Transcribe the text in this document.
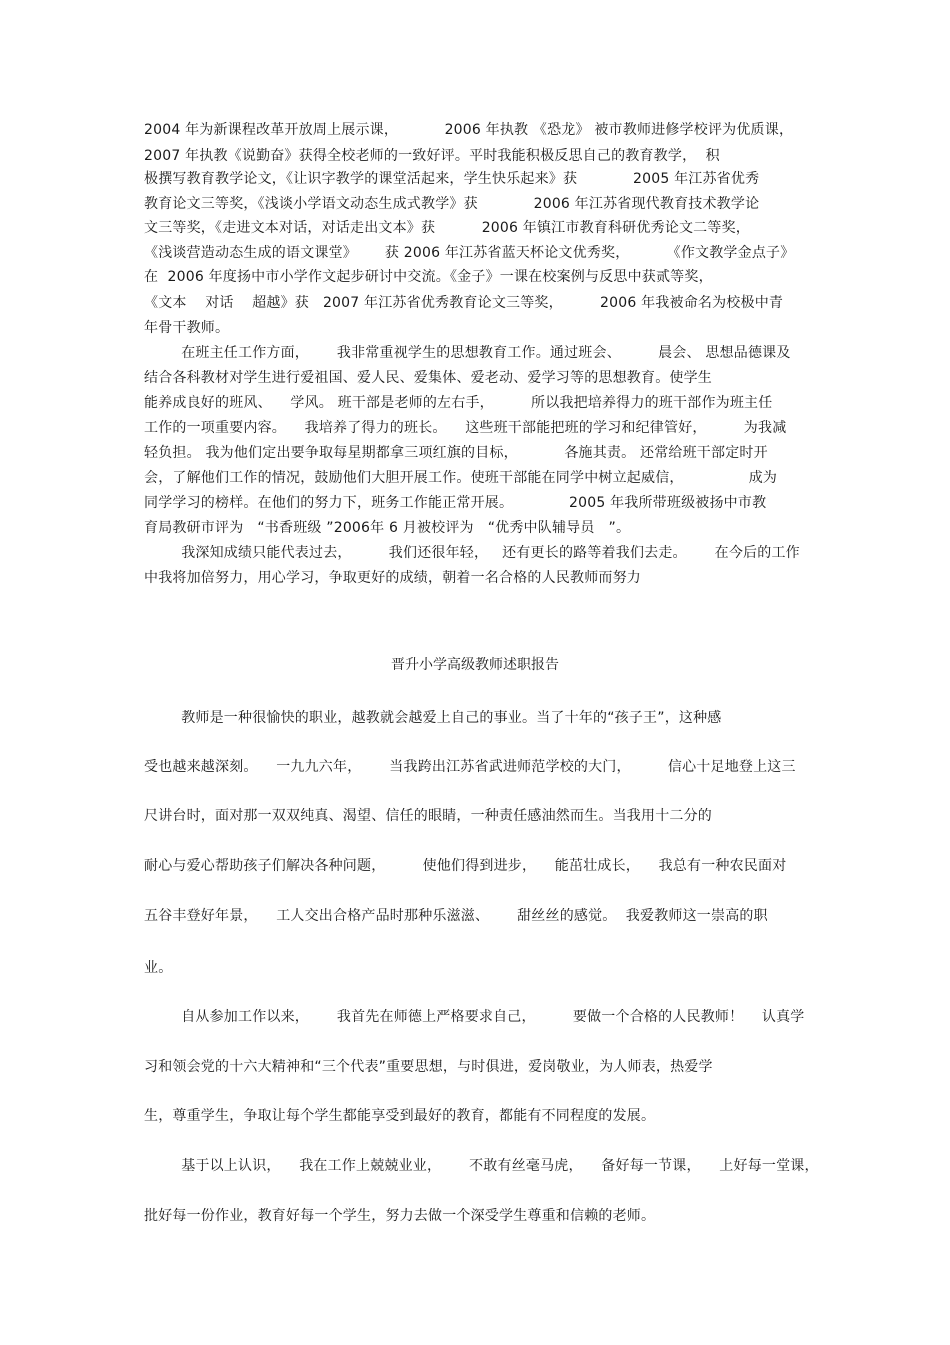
2004 年为新课程改革开放周上展示课，          2006 年执教 《恐龙》 被市教师进修学校评为优质课，
2007 年执教《说勤奋》获得全校老师的一致好评。平时我能积极反思自己的教育教学，  积
极撰写教育教学论文，《让识字教学的课堂活起来，学生快乐起来》获            2005 年江苏省优秀
教育论文三等奖，《浅谈小学语文动态生成式教学》获            2006 年江苏省现代教育技术教学论
文三等奖，《走进文本对话，对话走出文本》获          2006 年镇江市教育科研优秀论文二等奖，
《浅谈营造动态生成的语文课堂》      获 2006 年江苏省蓝天杯论文优秀奖，        《作文教学金点子》
在  2006 年度扬中市小学作文起步研讨中交流。《金子》一课在校案例与反思中获贰等奖，
《文本    对话    超越》获   2007 年江苏省优秀教育论文三等奖，        2006 年我被命名为校极中青
年骨干教师。
在班主任工作方面，      我非常重视学生的思想教育工作。通过班会、        晨会、 思想品德课及
结合各科教材对学生进行爱祖国、爱人民、爱集体、爱老动、爱学习等的思想教育。使学生
能养成良好的班风、    学风。 班干部是老师的左右手，        所以我把培养得力的班干部作为班主任
工作的一项重要内容。    我培养了得力的班长。    这些班干部能把班的学习和纪律管好，        为我减
轻负担。 我为他们定出要争取每星期都拿三项红旗的目标，          各施其责。 还常给班干部定时开
会，了解他们工作的情况，鼓励他们大胆开展工作。使班干部能在同学中树立起威信，              成为
同学学习的榜样。在他们的努力下，班务工作能正常开展。            2005 年我所带班级被扬中市教
育局教研市评为   “书香班级 ”2006年 6 月被校评为   “优秀中队辅导员   ”。
我深知成绩只能代表过去，        我们还很年轻，   还有更长的路等着我们去走。      在今后的工作
中我将加倍努力，用心学习，争取更好的成绩，朝着一名合格的人民教师而努力
晋升小学高级教师述职报告
教师是一种很愉快的职业，越教就会越爱上自己的事业。当了十年的“孩子王”，这种感
受也越来越深刻。    一九九六年，      当我跨出江苏省武进师范学校的大门，        信心十足地登上这三
尺讲台时，面对那一双双纯真、渴望、信任的眼睛，一种责任感油然而生。当我用十二分的
耐心与爱心帮助孩子们解决各种问题，        使他们得到进步，    能茁壮成长，    我总有一种农民面对
五谷丰登好年景，    工人交出合格产品时那种乐滋滋、      甜丝丝的感觉。  我爱教师这一崇高的职
业。
自从参加工作以来，      我首先在师德上严格要求自己，        要做一个合格的人民教师！    认真学
习和领会党的十六大精神和“三个代表”重要思想，与时俱进，爱岗敬业，为人师表，热爱学
生，尊重学生，争取让每个学生都能享受到最好的教育，都能有不同程度的发展。
基于以上认识，    我在工作上兢兢业业，      不敢有丝毫马虎，    备好每一节课，    上好每一堂课，
批好每一份作业，教育好每一个学生，努力去做一个深受学生尊重和信赖的老师。
